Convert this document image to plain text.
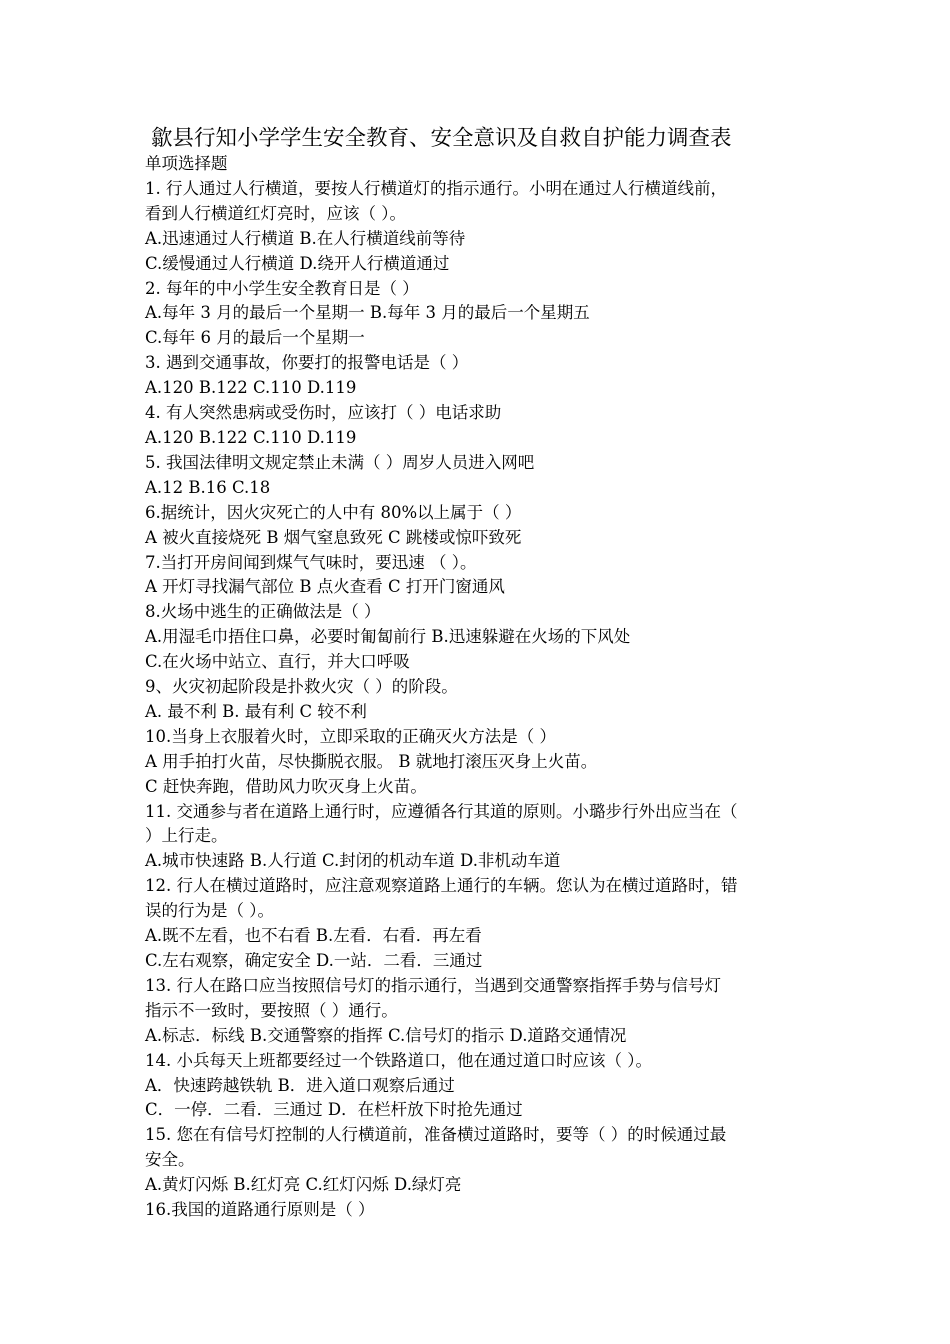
歙县行知小学学生安全教育、安全意识及自救自护能力调查表

单项选择题

1. 行人通过人行横道，要按人行横道灯的指示通行。小明在通过人行横道线前，

看到人行横道红灯亮时，应该（ ）。

A.迅速通过人行横道 B.在人行横道线前等待

C.缓慢通过人行横道 D.绕开人行横道通过

2. 每年的中小学生安全教育日是（ ）

A.每年 3 月的最后一个星期一 B.每年 3 月的最后一个星期五

C.每年 6 月的最后一个星期一

3. 遇到交通事故，你要打的报警电话是（ ）

A.120 B.122 C.110 D.119

4. 有人突然患病或受伤时，应该打（ ）电话求助

A.120 B.122 C.110 D.119

5. 我国法律明文规定禁止未满（ ）周岁人员进入网吧

A.12 B.16 C.18

6.据统计，因火灾死亡的人中有 80%以上属于（ ）

A 被火直接烧死 B 烟气窒息致死 C 跳楼或惊吓致死

7.当打开房间闻到煤气气味时，要迅速 （ ）。

A 开灯寻找漏气部位 B 点火查看 C 打开门窗通风

8.火场中逃生的正确做法是（ ）

A.用湿毛巾捂住口鼻，必要时匍匐前行 B.迅速躲避在火场的下风处

C.在火场中站立、直行，并大口呼吸

9、火灾初起阶段是扑救火灾（ ）的阶段。

A. 最不利 B. 最有利 C 较不利

10.当身上衣服着火时，立即采取的正确灭火方法是（ ）

A 用手拍打火苗，尽快撕脱衣服。 B 就地打滚压灭身上火苗。

C 赶快奔跑，借助风力吹灭身上火苗。

11. 交通参与者在道路上通行时，应遵循各行其道的原则。小璐步行外出应当在（

）上行走。

A.城市快速路 B.人行道 C.封闭的机动车道 D.非机动车道

12. 行人在横过道路时，应注意观察道路上通行的车辆。您认为在横过道路时，错

误的行为是（ ）。

A.既不左看，也不右看 B.左看．右看．再左看

C.左右观察，确定安全 D.一站．二看．三通过

13. 行人在路口应当按照信号灯的指示通行，当遇到交通警察指挥手势与信号灯

指示不一致时，要按照（ ）通行。

A.标志．标线 B.交通警察的指挥 C.信号灯的指示 D.道路交通情况

14. 小兵每天上班都要经过一个铁路道口，他在通过道口时应该（ ）。

A．快速跨越铁轨 B．进入道口观察后通过

C．一停．二看．三通过 D．在栏杆放下时抢先通过

15. 您在有信号灯控制的人行横道前，准备横过道路时，要等（ ）的时候通过最

安全。

A.黄灯闪烁 B.红灯亮 C.红灯闪烁 D.绿灯亮

16.我国的道路通行原则是（ ）
